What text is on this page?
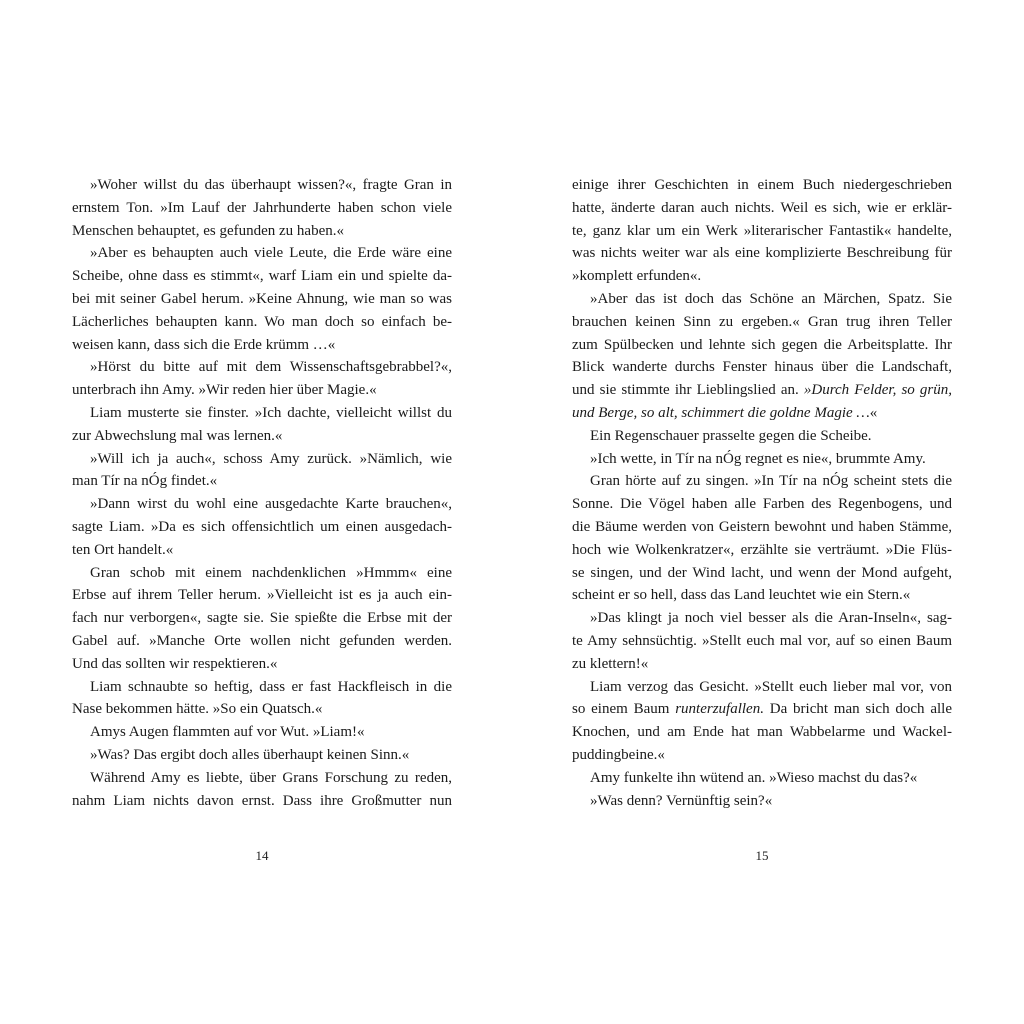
»Woher willst du das überhaupt wissen?«, fragte Gran in
ernstem Ton. »Im Lauf der Jahrhunderte haben schon viele
Menschen behauptet, es gefunden zu haben.«
»Aber es behaupten auch viele Leute, die Erde wäre eine
Scheibe, ohne dass es stimmt«, warf Liam ein und spielte da-
bei mit seiner Gabel herum. »Keine Ahnung, wie man so was
Lächerliches behaupten kann. Wo man doch so einfach be-
weisen kann, dass sich die Erde krümm …«
»Hörst du bitte auf mit dem Wissenschaftsgebrabbel?«,
unterbrach ihn Amy. »Wir reden hier über Magie.«
Liam musterte sie finster. »Ich dachte, vielleicht willst du
zur Abwechslung mal was lernen.«
»Will ich ja auch«, schoss Amy zurück. »Nämlich, wie
man Tír na nÓg findet.«
»Dann wirst du wohl eine ausgedachte Karte brauchen«,
sagte Liam. »Da es sich offensichtlich um einen ausgedach-
ten Ort handelt.«
Gran schob mit einem nachdenklichen »Hmmm« eine
Erbse auf ihrem Teller herum. »Vielleicht ist es ja auch ein-
fach nur verborgen«, sagte sie. Sie spießte die Erbse mit der
Gabel auf. »Manche Orte wollen nicht gefunden werden.
Und das sollten wir respektieren.«
Liam schnaubte so heftig, dass er fast Hackfleisch in die
Nase bekommen hätte. »So ein Quatsch.«
Amys Augen flammten auf vor Wut. »Liam!«
»Was? Das ergibt doch alles überhaupt keinen Sinn.«
Während Amy es liebte, über Grans Forschung zu reden,
nahm Liam nichts davon ernst. Dass ihre Großmutter nun
einige ihrer Geschichten in einem Buch niedergeschrieben
hatte, änderte daran auch nichts. Weil es sich, wie er erklär-
te, ganz klar um ein Werk »literarischer Fantastik« handelte,
was nichts weiter war als eine komplizierte Beschreibung für
»komplett erfunden«.
»Aber das ist doch das Schöne an Märchen, Spatz. Sie
brauchen keinen Sinn zu ergeben.« Gran trug ihren Teller
zum Spülbecken und lehnte sich gegen die Arbeitsplatte. Ihr
Blick wanderte durchs Fenster hinaus über die Landschaft,
und sie stimmte ihr Lieblingslied an. »Durch Felder, so grün,
und Berge, so alt, schimmert die goldne Magie …«
Ein Regenschauer prasselte gegen die Scheibe.
»Ich wette, in Tír na nÓg regnet es nie«, brummte Amy.
Gran hörte auf zu singen. »In Tír na nÓg scheint stets die
Sonne. Die Vögel haben alle Farben des Regenbogens, und
die Bäume werden von Geistern bewohnt und haben Stämme,
hoch wie Wolkenkratzer«, erzählte sie verträumt. »Die Flüs-
se singen, und der Wind lacht, und wenn der Mond aufgeht,
scheint er so hell, dass das Land leuchtet wie ein Stern.«
»Das klingt ja noch viel besser als die Aran-Inseln«, sag-
te Amy sehnsüchtig. »Stellt euch mal vor, auf so einen Baum
zu klettern!«
Liam verzog das Gesicht. »Stellt euch lieber mal vor, von
so einem Baum runterzufallen. Da bricht man sich doch alle
Knochen, und am Ende hat man Wabbelarme und Wackel-
puddingbeine.«
Amy funkelte ihn wütend an. »Wieso machst du das?«
»Was denn? Vernünftig sein?«
14	15
